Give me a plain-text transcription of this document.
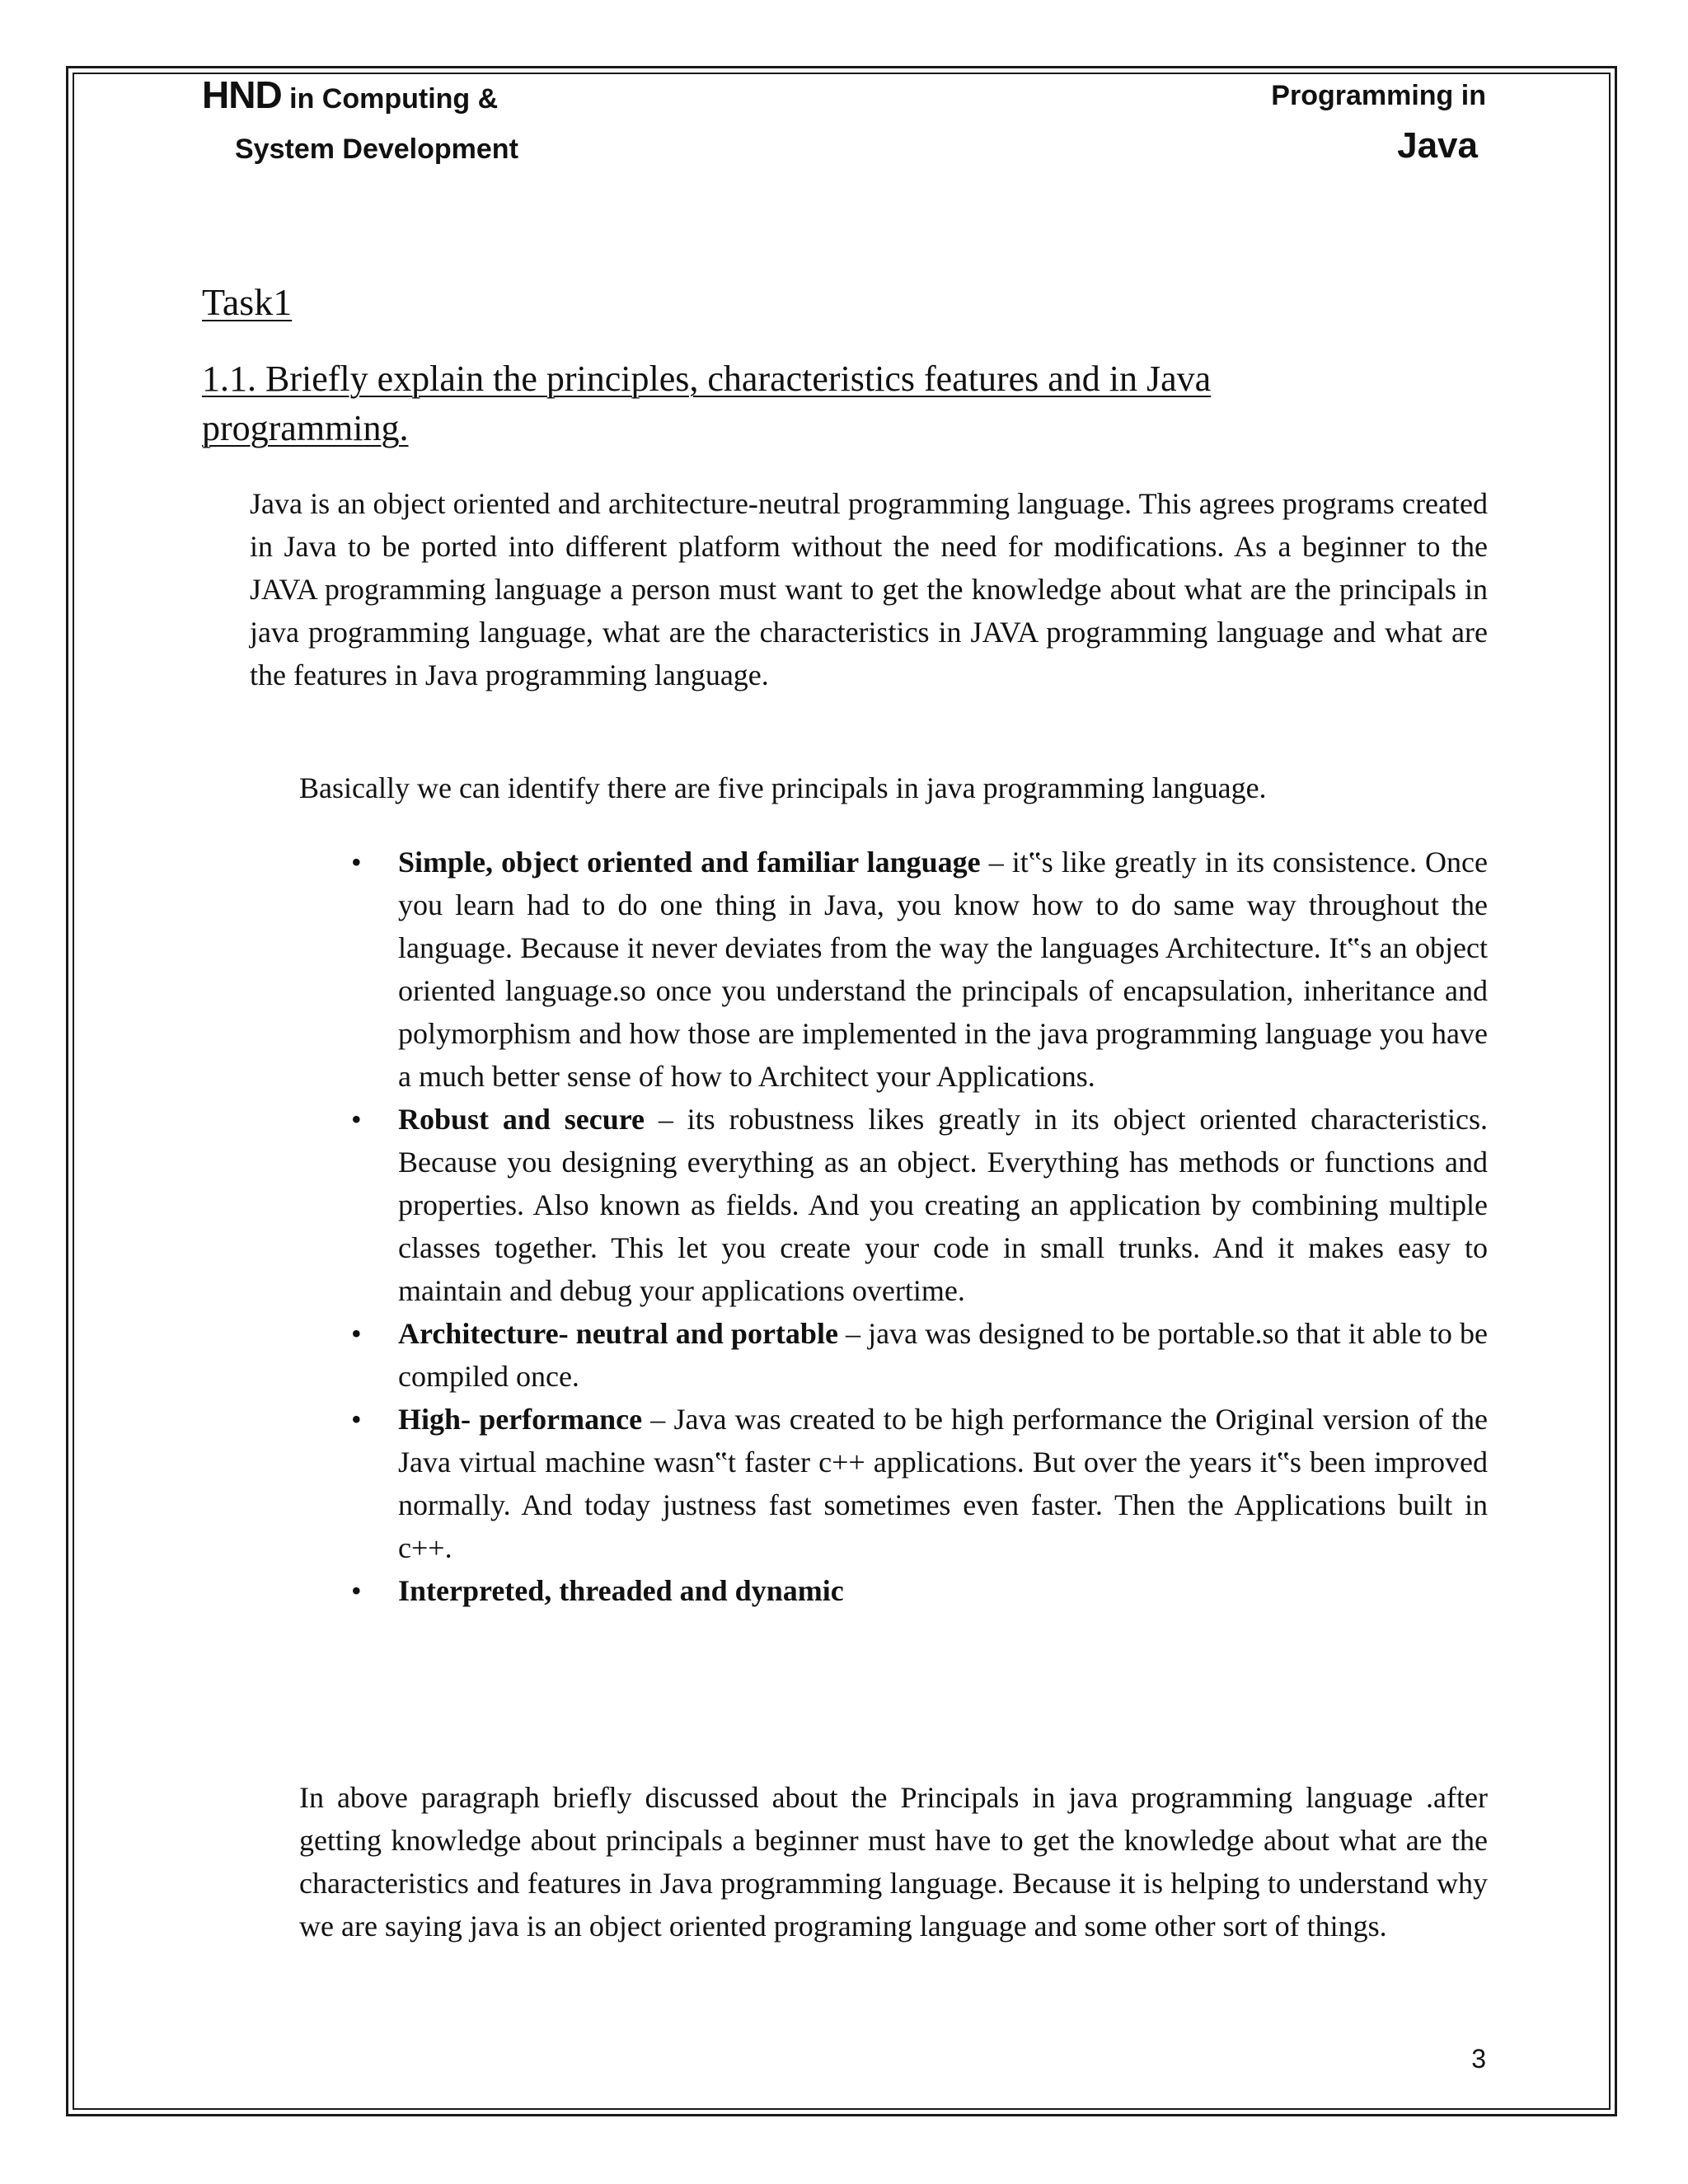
HND in Computing &
System Development
Programming in
Java
Task1
1.1. Briefly explain the principles, characteristics features and in Java programming.

Java is an object oriented and architecture-neutral programming language. This agrees programs created in Java to be ported into different platform without the need for modifications. As a beginner to the JAVA programming language a person must want to get the knowledge about what are the principals in java programming language, what are the characteristics in JAVA programming language and what are the features in Java programming language.

Basically we can identify there are five principals in java programming language.

• Simple, object oriented and familiar language – it‟s like greatly in its consistence. Once you learn had to do one thing in Java, you know how to do same way throughout the language. Because it never deviates from the way the languages Architecture. It‟s an object oriented language.so once you understand the principals of encapsulation, inheritance and polymorphism and how those are implemented in the java programming language you have a much better sense of how to Architect your Applications.
• Robust and secure – its robustness likes greatly in its object oriented characteristics. Because you designing everything as an object. Everything has methods or functions and properties. Also known as fields. And you creating an application by combining multiple classes together. This let you create your code in small trunks. And it makes easy to maintain and debug your applications overtime.
• Architecture- neutral and portable – java was designed to be portable.so that it able to be compiled once.
• High- performance – Java was created to be high performance the Original version of the Java virtual machine wasn‟t faster c++ applications. But over the years it‟s been improved normally. And today justness fast sometimes even faster. Then the Applications built in c++.
• Interpreted, threaded and dynamic

In above paragraph briefly discussed about the Principals in java programming language .after getting knowledge about principals a beginner must have to get the knowledge about what are the characteristics and features in Java programming language. Because it is helping to understand why we are saying java is an object oriented programing language and some other sort of things.

3
